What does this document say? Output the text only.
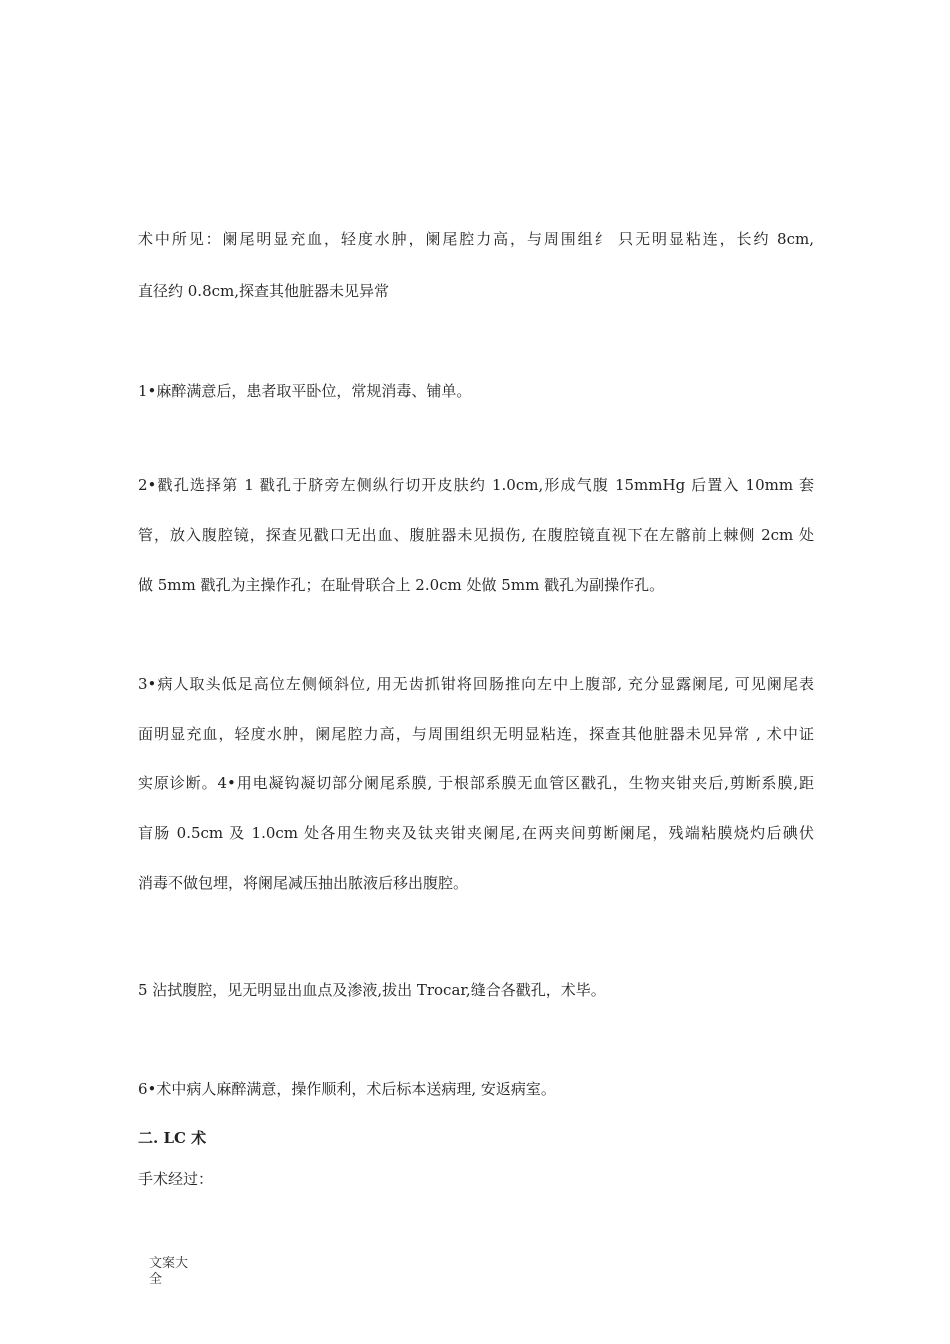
术中所见：阑尾明显充血，轻度水肿，阑尾腔力高，与周围组纟 只无明显粘连，长约 8cm,
直径约 0.8cm,探查其他脏器未见异常
1•麻醉满意后，患者取平卧位，常规消毒、铺单。
2•戳孔选择第 1 戳孔于脐旁左侧纵行切开皮肤约 1.0cm,形成气腹 15mmHg 后置入 10mm 套
管，放入腹腔镜，探查见戳口无出血、腹脏器未见损伤, 在腹腔镜直视下在左髂前上棘侧 2cm 处
做 5mm 戳孔为主操作孔；在耻骨联合上 2.0cm 处做 5mm 戳孔为副操作孔。
3•病人取头低足高位左侧倾斜位, 用无齿抓钳将回肠推向左中上腹部, 充分显露阑尾, 可见阑尾表
面明显充血，轻度水肿，阑尾腔力高，与周围组织无明显粘连，探查其他脏器未见异常 , 术中证
实原诊断。4•用电凝钩凝切部分阑尾系膜, 于根部系膜无血管区戳孔，生物夹钳夹后,剪断系膜,距
盲肠 0.5cm 及 1.0cm 处各用生物夹及钛夹钳夹阑尾,在两夹间剪断阑尾，残端粘膜烧灼后碘伏
消毒不做包埋，将阑尾减压抽出脓液后移出腹腔。
5 沾拭腹腔，见无明显出血点及渗液,拔出 Trocar,缝合各戳孔，术毕。
6•术中病人麻醉满意，操作顺利，术后标本送病理, 安返病室。
二. LC 术
手术经过：
文案大全
